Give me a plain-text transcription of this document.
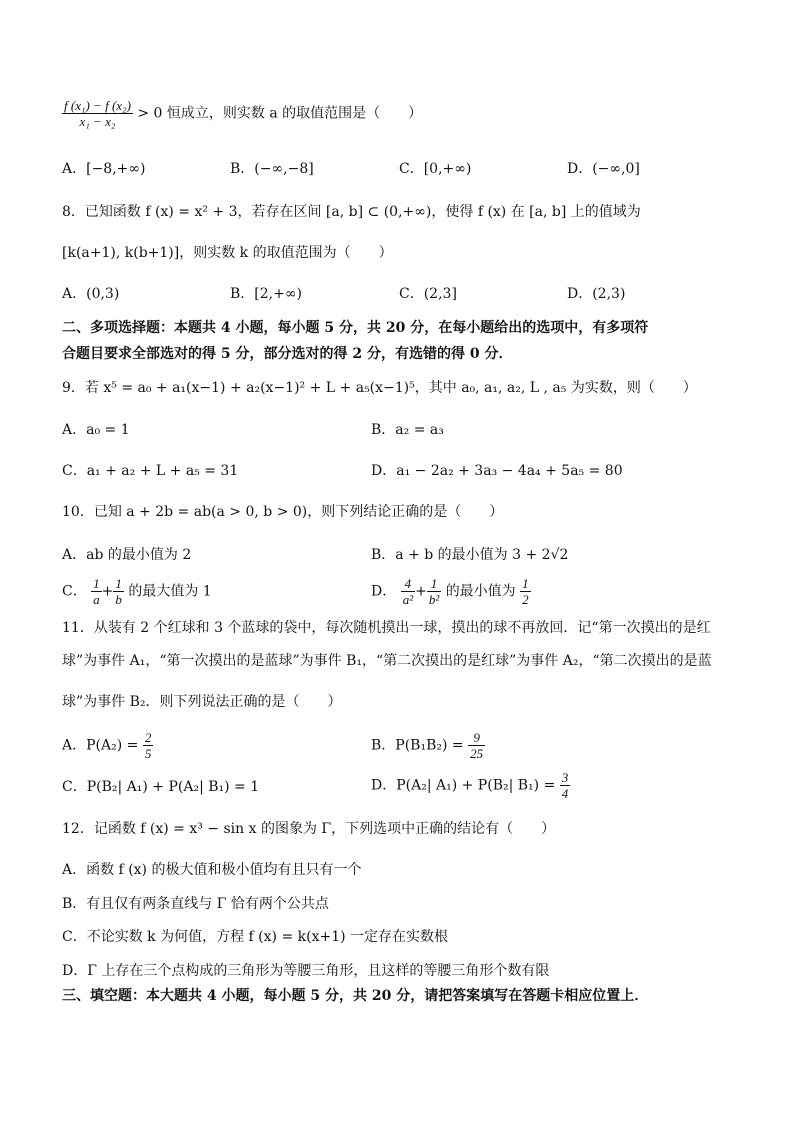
$\frac{\text{f (x₁) − f (x₂)}}{\text{x₁ − x₂}} > 0$ 恒成立，则实数 a 的取值范围是（　　）
A．[−8,+∞)	B．(−∞,−8]	C．[0,+∞)	D．(−∞,0]
8．已知函数 f (x) = x² + 3，若存在区间 [a, b] ⊂ (0,+∞)，使得 f (x) 在 [a, b] 上的值域为
[k(a+1), k(b+1)]，则实数 k 的取值范围为（　　）
A．(0,3)	B．[2,+∞)	C．(2,3]	D．(2,3)
二、多项选择题：本题共 4 小题，每小题 5 分，共 20 分，在每小题给出的选项中，有多项符
合题目要求全部选对的得 5 分，部分选对的得 2 分，有选错的得 0 分．
9．若 x⁵ = a₀ + a₁(x−1) + a₂(x−1)² + L + a₅(x−1)⁵，其中 a₀, a₁, a₂, L , a₅ 为实数，则（　　）
A．a₀ = 1	B．a₂ = a₃
C．a₁ + a₂ + L + a₅ = 31	D．a₁ − 2a₂ + 3a₃ − 4a₄ + 5a₅ = 80
10．已知 a + 2b = ab(a > 0, b > 0)，则下列结论正确的是（　　）
A．ab 的最小值为 2	B．a + b 的最小值为 3 + 2√2
C． $\frac{1}{a} + \frac{1}{b}$ 的最大值为 1	D． $\frac{4}{\text{a²}} + \frac{1}{\text{b²}}$ 的最小值为 $\frac{1}{2}$
11．从装有 2 个红球和 3 个蓝球的袋中，每次随机摸出一球，摸出的球不再放回．记“第一次摸出的是红
球”为事件 A₁，“第一次摸出的是蓝球”为事件 B₁，“第二次摸出的是红球”为事件 A₂，“第二次摸出的是蓝
球”为事件 B₂．则下列说法正确的是（　　）
A．$P(A_2) = \frac{2}{5}$	B．$P(B_1B_2) = \frac{9}{25}$
C．P(B₂| A₁) + P(A₂| B₁) = 1	D．P(A₂| A₁) + P(B₂| $B_1) = \frac{3}{4}$
12．记函数 f (x) = x³ − sin x 的图象为 Γ，下列选项中正确的结论有（　　）
A．函数 f (x) 的极大值和极小值均有且只有一个
B．有且仅有两条直线与 Γ 恰有两个公共点
C．不论实数 k 为何值，方程 f (x) = k(x+1) 一定存在实数根
D．Γ 上存在三个点构成的三角形为等腰三角形，且这样的等腰三角形个数有限
三、填空题：本大题共 4 小题，每小题 5 分，共 20 分，请把答案填写在答题卡相应位置上．
